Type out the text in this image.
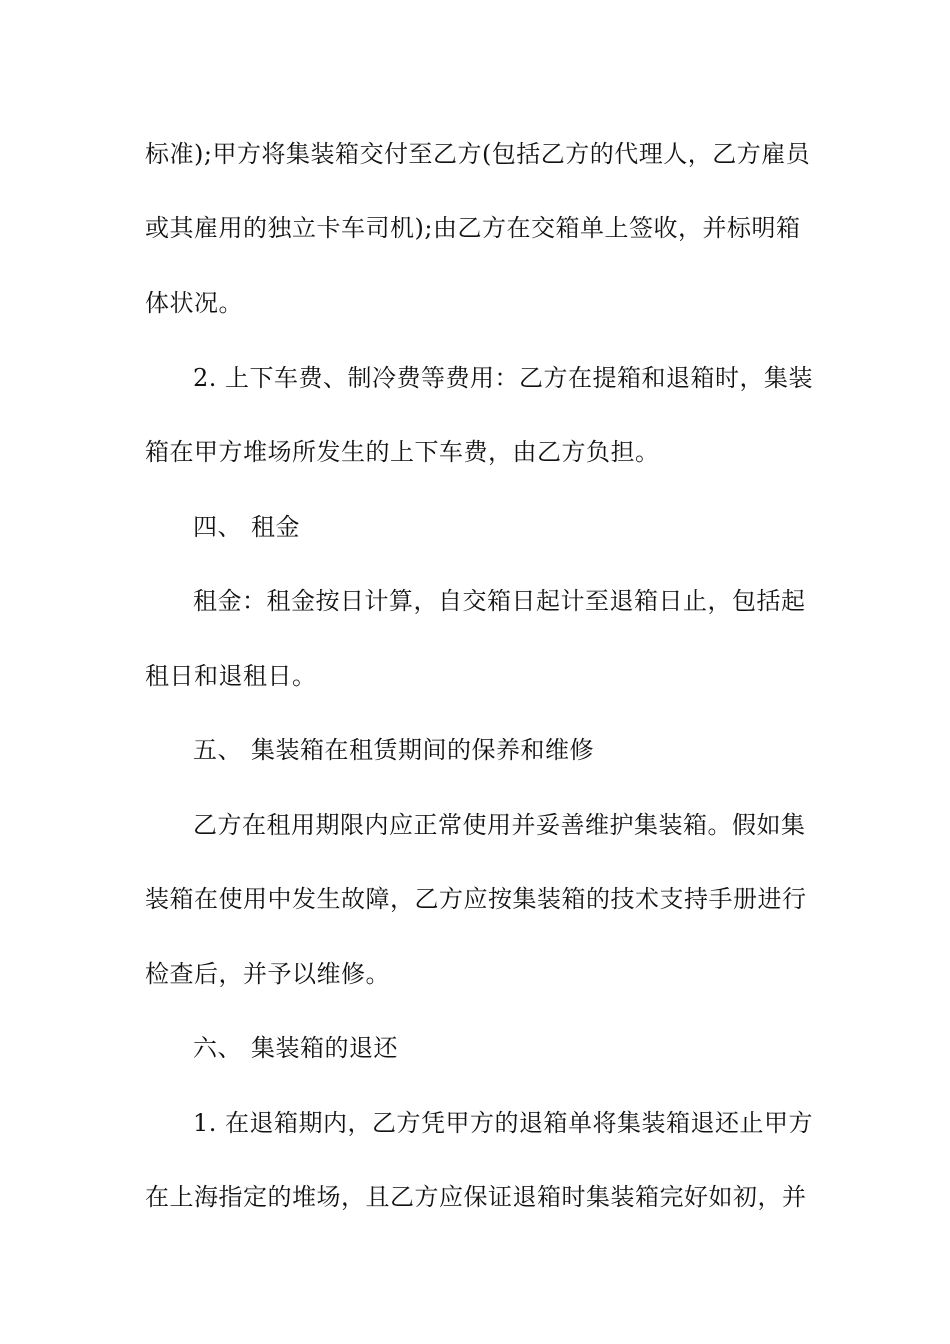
标准);甲方将集装箱交付至乙方(包括乙方的代理人，乙方雇员

或其雇用的独立卡车司机);由乙方在交箱单上签收，并标明箱

体状况。

2. 上下车费、制冷费等费用：乙方在提箱和退箱时，集装

箱在甲方堆场所发生的上下车费，由乙方负担。

四、 租金

租金：租金按日计算，自交箱日起计至退箱日止，包括起

租日和退租日。

五、 集装箱在租赁期间的保养和维修

乙方在租用期限内应正常使用并妥善维护集装箱。假如集

装箱在使用中发生故障，乙方应按集装箱的技术支持手册进行

检查后，并予以维修。

六、 集装箱的退还

1. 在退箱期内，乙方凭甲方的退箱单将集装箱退还止甲方

在上海指定的堆场，且乙方应保证退箱时集装箱完好如初，并
